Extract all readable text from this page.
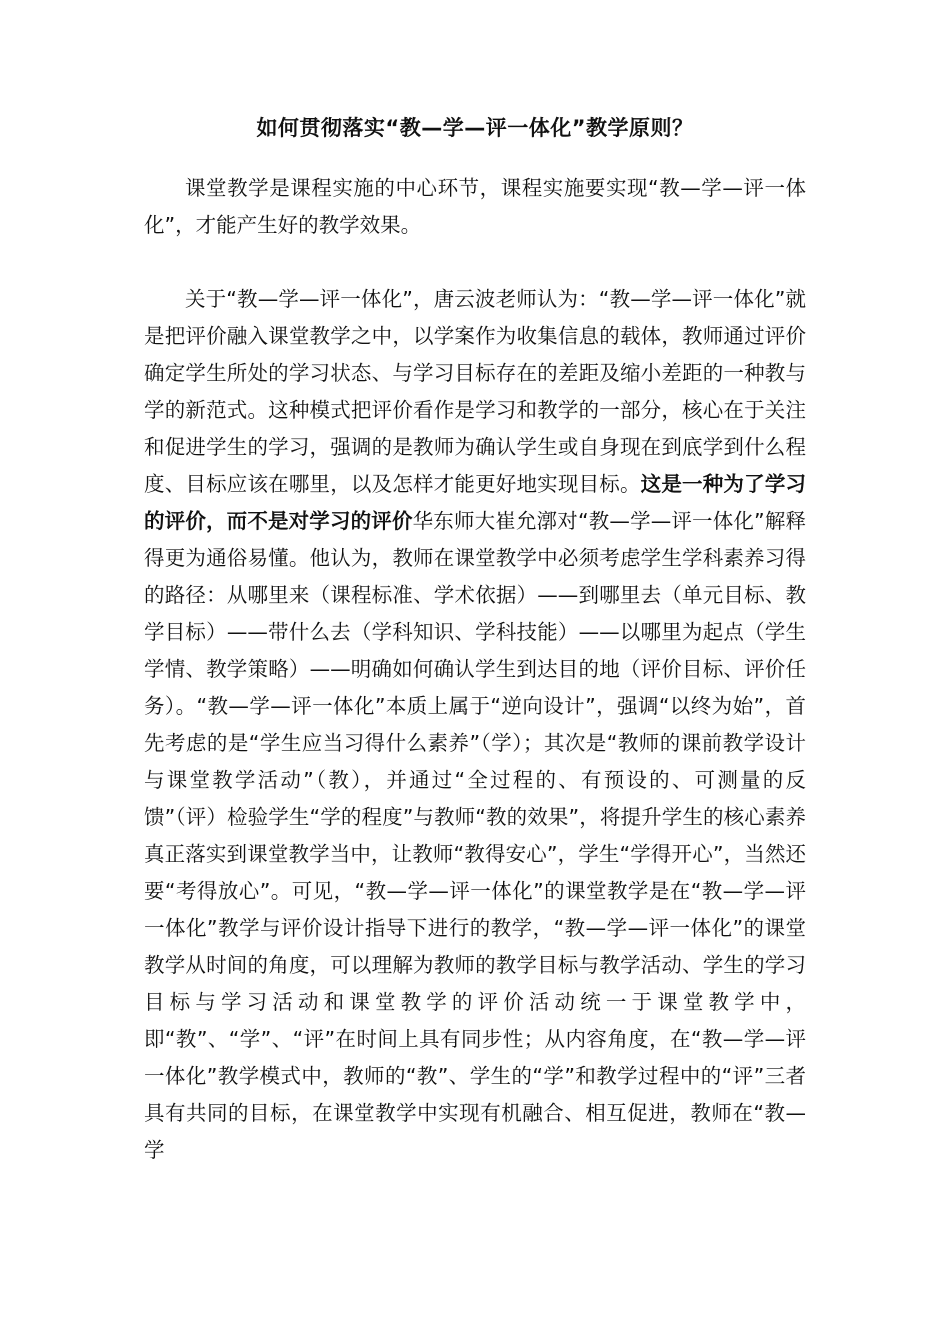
如何贯彻落实“教—学—评一体化”教学原则？

课堂教学是课程实施的中心环节，课程实施要实现“教—学—评一体化”，才能产生好的教学效果。

关于“教—学—评一体化”，唐云波老师认为：“教—学—评一体化”就是把评价融入课堂教学之中，以学案作为收集信息的载体，教师通过评价确定学生所处的学习状态、与学习目标存在的差距及缩小差距的一种教与学的新范式。这种模式把评价看作是学习和教学的一部分，核心在于关注和促进学生的学习，强调的是教师为确认学生或自身现在到底学到什么程度、目标应该在哪里，以及怎样才能更好地实现目标。这是一种为了学习的评价，而不是对学习的评价华东师大崔允漷对“教—学—评一体化”解释得更为通俗易懂。他认为，教师在课堂教学中必须考虑学生学科素养习得的路径：从哪里来（课程标准、学术依据）——到哪里去（单元目标、教学目标）——带什么去（学科知识、学科技能）——以哪里为起点（学生学情、教学策略）——明确如何确认学生到达目的地（评价目标、评价任务）。“教—学—评一体化”本质上属于“逆向设计”，强调“以终为始”，首先考虑的是“学生应当习得什么素养”（学）；其次是“教师的课前教学设计与课堂教学活动”（教），并通过“全过程的、有预设的、可测量的反馈”（评）检验学生“学的程度”与教师“教的效果”，将提升学生的核心素养真正落实到课堂教学当中，让教师“教得安心”，学生“学得开心”，当然还要“考得放心”。可见，“教—学—评一体化”的课堂教学是在“教—学—评一体化”教学与评价设计指导下进行的教学，“教—学—评一体化”的课堂教学从时间的角度，可以理解为教师的教学目标与教学活动、学生的学习目标与学习活动和课堂教学的评价活动统一于课堂教学中，即“教”、“学”、“评”在时间上具有同步性；从内容角度，在“教—学—评一体化”教学模式中，教师的“教”、学生的“学”和教学过程中的“评”三者具有共同的目标，在课堂教学中实现有机融合、相互促进，教师在“教—学
